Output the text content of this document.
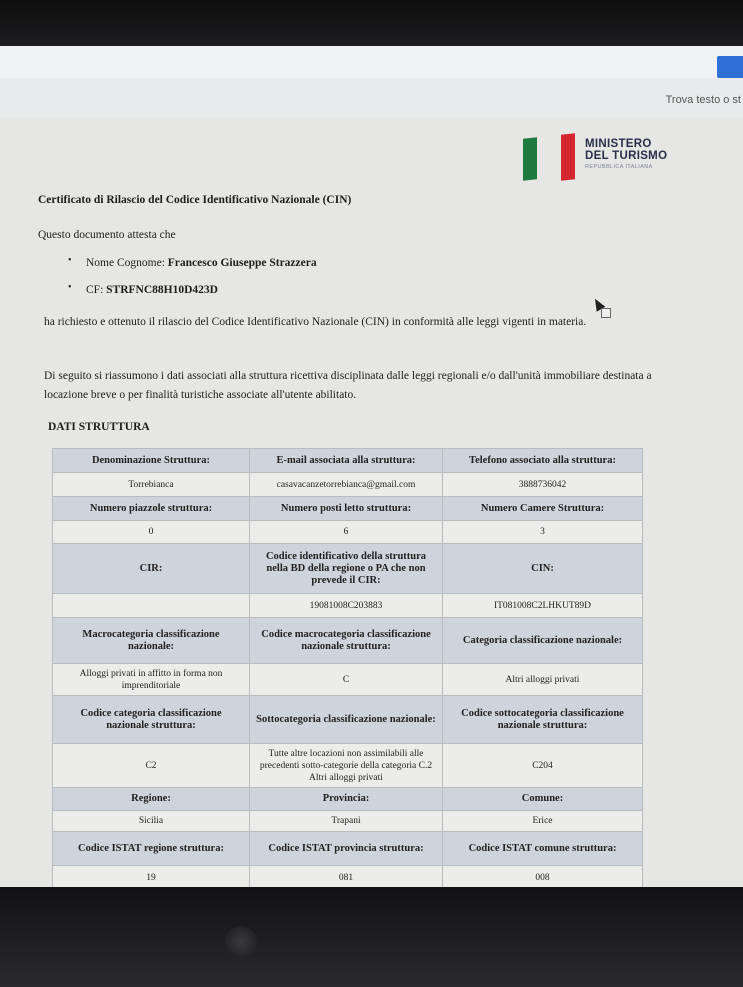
Trova testo o st
MINISTERO
DEL TURISMO
REPUBBLICA ITALIANA
Certificato di Rilascio del Codice Identificativo Nazionale (CIN)
Questo documento attesta che
• Nome Cognome: Francesco Giuseppe Strazzera
• CF: STRFNC88H10D423D
ha richiesto e ottenuto il rilascio del Codice Identificativo Nazionale (CIN) in conformità alle leggi vigenti in materia.
Di seguito si riassumono i dati associati alla struttura ricettiva disciplinata dalle leggi regionali e/o dall'unità immobiliare destinata a locazione breve o per finalità turistiche associate all'utente abilitato.
DATI STRUTTURA
Denominazione Struttura:	E-mail associata alla struttura:	Telefono associato alla struttura:
Torrebianca	casavacanzetorrebianca@gmail.com	3888736042
Numero piazzole struttura:	Numero posti letto struttura:	Numero Camere Struttura:
0	6	3
CIR:	Codice identificativo della struttura nella BD della regione o PA che non prevede il CIR:	CIN:
	19081008C203883	IT081008C2LHKUT89D
Macrocategoria classificazione nazionale:	Codice macrocategoria classificazione nazionale struttura:	Categoria classificazione nazionale:
Alloggi privati in affitto in forma non imprenditoriale	C	Altri alloggi privati
Codice categoria classificazione nazionale struttura:	Sottocategoria classificazione nazionale:	Codice sottocategoria classificazione nazionale struttura:
C2	Tutte altre locazioni non assimilabili alle precedenti sotto-categorie della categoria C.2 Altri alloggi privati	C204
Regione:	Provincia:	Comune:
Sicilia	Trapani	Erice
Codice ISTAT regione struttura:	Codice ISTAT provincia struttura:	Codice ISTAT comune struttura:
19	081	008
